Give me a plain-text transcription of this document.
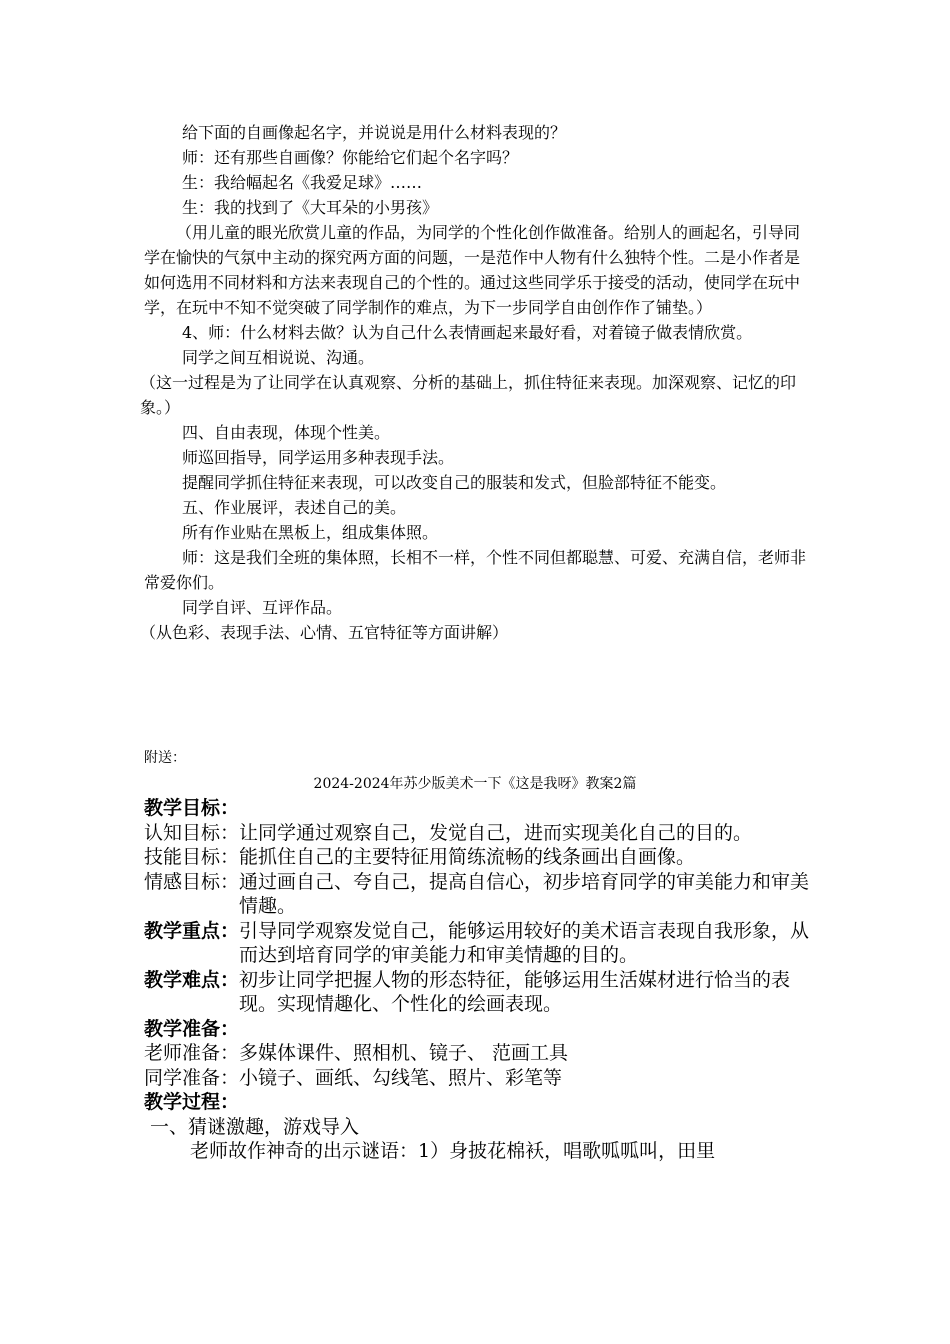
给下面的自画像起名字，并说说是用什么材料表现的？

师：还有那些自画像？你能给它们起个名字吗？

生：我给幅起名《我爱足球》……

生：我的找到了《大耳朵的小男孩》

（用儿童的眼光欣赏儿童的作品，为同学的个性化创作做准备。给别人的画起名，引导同学在愉快的气氛中主动的探究两方面的问题，一是范作中人物有什么独特个性。二是小作者是如何选用不同材料和方法来表现自己的个性的。通过这些同学乐于接受的活动，使同学在玩中学，在玩中不知不觉突破了同学制作的难点，为下一步同学自由创作作了铺垫。）

4、师：什么材料去做？认为自己什么表情画起来最好看，对着镜子做表情欣赏。

同学之间互相说说、沟通。

（这一过程是为了让同学在认真观察、分析的基础上，抓住特征来表现。加深观察、记忆的印象。）

四、自由表现，体现个性美。

师巡回指导，同学运用多种表现手法。

提醒同学抓住特征来表现，可以改变自己的服装和发式，但脸部特征不能变。

五、作业展评，表述自己的美。

所有作业贴在黑板上，组成集体照。

师：这是我们全班的集体照，长相不一样，个性不同但都聪慧、可爱、充满自信，老师非常爱你们。

同学自评、互评作品。

（从色彩、表现手法、心情、五官特征等方面讲解）

附送：
2024-2024年苏少版美术一下《这是我呀》教案2篇

教学目标：

认知目标： 让同学通过观察自己，发觉自己，进而实现美化自己的目的。
技能目标： 能抓住自己的主要特征用简练流畅的线条画出自画像。
情感目标： 通过画自己、夸自己，提高自信心，初步培育同学的审美能力和审美情趣。
教学重点： 引导同学观察发觉自己，能够运用较好的美术语言表现自我形象，从而达到培育同学的审美能力和审美情趣的目的。
教学难点： 初步让同学把握人物的形态特征，能够运用生活媒材进行恰当的表现。实现情趣化、个性化的绘画表现。

教学准备：

老师准备： 多媒体课件、照相机、镜子、 范画工具
同学准备： 小镜子、画纸、勾线笔、照片、彩笔等

教学过程：

一、猜谜激趣，游戏导入

老师故作神奇的出示谜语：1）身披花棉袄，唱歌呱呱叫，田里
